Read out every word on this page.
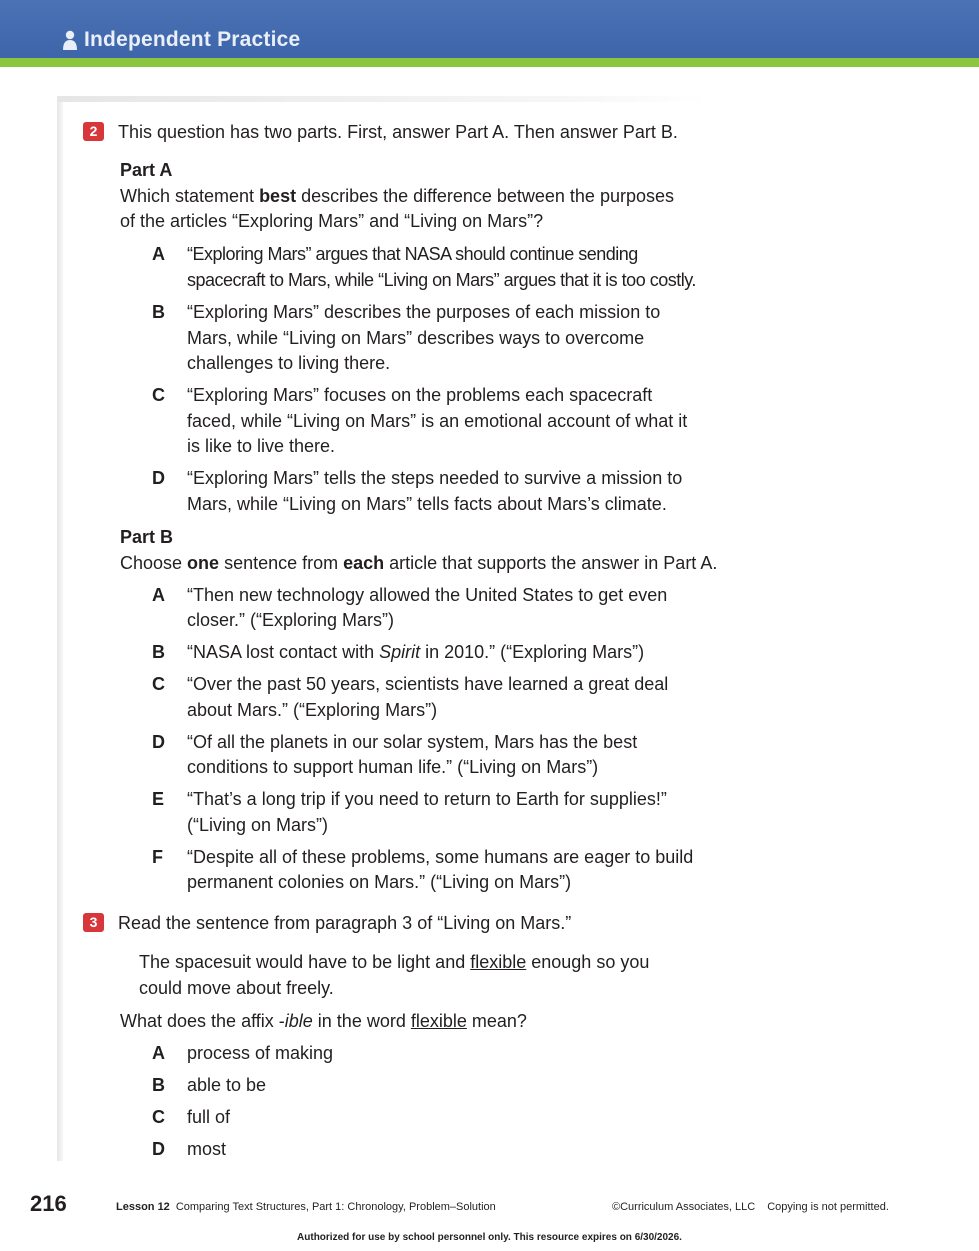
Independent Practice
2	This question has two parts. First, answer Part A. Then answer Part B.
Part A
Which statement best describes the difference between the purposes
of the articles “Exploring Mars” and “Living on Mars”?
A “Exploring Mars” argues that NASA should continue sending
spacecraft to Mars, while “Living on Mars” argues that it is too costly.
B “Exploring Mars” describes the purposes of each mission to
Mars, while “Living on Mars” describes ways to overcome
challenges to living there.
C “Exploring Mars” focuses on the problems each spacecraft
faced, while “Living on Mars” is an emotional account of what it
is like to live there.
D “Exploring Mars” tells the steps needed to survive a mission to
Mars, while “Living on Mars” tells facts about Mars’s climate.
Part B
Choose one sentence from each article that supports the answer in Part A.
A “Then new technology allowed the United States to get even
closer.” (“Exploring Mars”)
B “NASA lost contact with Spirit in 2010.” (“Exploring Mars”)
C “Over the past 50 years, scientists have learned a great deal
about Mars.” (“Exploring Mars”)
D “Of all the planets in our solar system, Mars has the best
conditions to support human life.” (“Living on Mars”)
E “That’s a long trip if you need to return to Earth for supplies!”
(“Living on Mars”)
F “Despite all of these problems, some humans are eager to build
permanent colonies on Mars.” (“Living on Mars”)
3	Read the sentence from paragraph 3 of “Living on Mars.”
The spacesuit would have to be light and flexible enough so you
could move about freely.
What does the affix -ible in the word flexible mean?
A process of making
B able to be
C full of
D most
216	Lesson 12 Comparing Text Structures, Part 1: Chronology, Problem–Solution	©Curriculum Associates, LLC Copying is not permitted.
Authorized for use by school personnel only. This resource expires on 6/30/2026.
